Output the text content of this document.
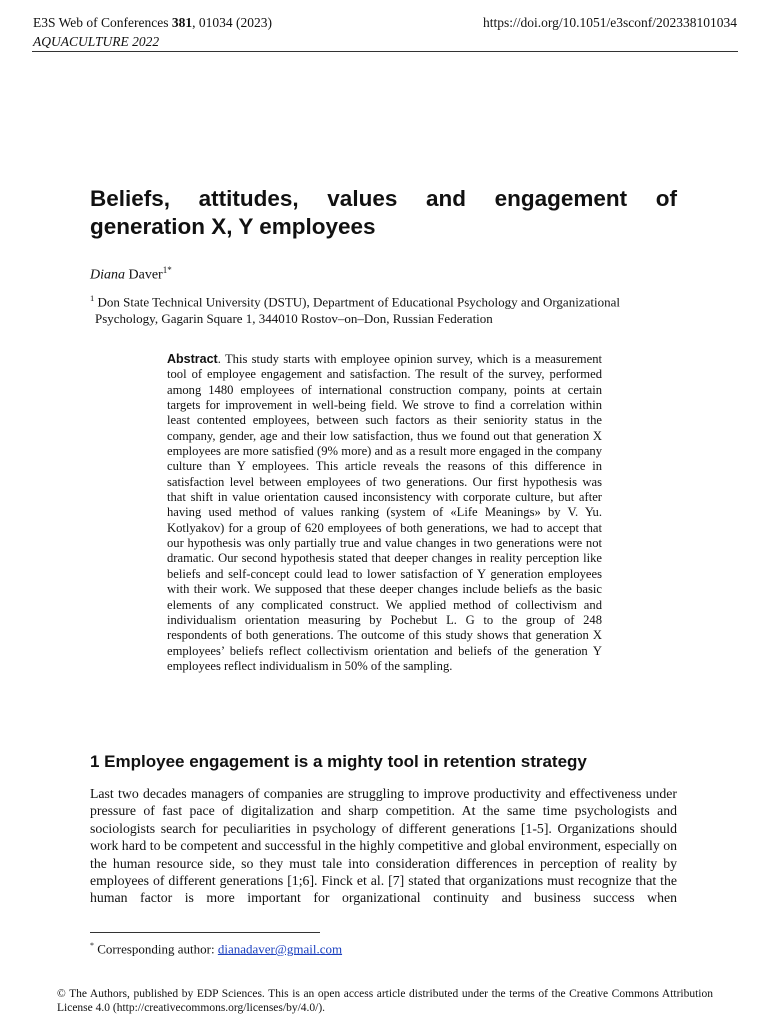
E3S Web of Conferences 381, 01034 (2023)
AQUACULTURE 2022
https://doi.org/10.1051/e3sconf/202338101034
Beliefs, attitudes, values and engagement of generation X, Y employees
Diana Daver$^{1*}$
$^1$ Don State Technical University (DSTU), Department of Educational Psychology and Organizational
Psychology, Gagarin Square 1, 344010 Rostov–on–Don, Russian Federation

Abstract. This study starts with employee opinion survey, which is a measurement tool of employee engagement and satisfaction. The result of the survey, performed among 1480 employees of international construction company, points at certain targets for improvement in well-being field. We strove to find a correlation within least contented employees, between such factors as their seniority status in the company, gender, age and their low satisfaction, thus we found out that generation X employees are more satisfied (9% more) and as a result more engaged in the company culture than Y employees. This article reveals the reasons of this difference in satisfaction level between employees of two generations. Our first hypothesis was that shift in value orientation caused inconsistency with corporate culture, but after having used method of values ranking (system of «Life Meanings» by V. Yu. Kotlyakov) for a group of 620 employees of both generations, we had to accept that our hypothesis was only partially true and value changes in two generations were not dramatic. Our second hypothesis stated that deeper changes in reality perception like beliefs and self-concept could lead to lower satisfaction of Y generation employees with their work. We supposed that these deeper changes include beliefs as the basic elements of any complicated construct. We applied method of collectivism and individualism orientation measuring by Pochebut L. G to the group of 248 respondents of both generations. The outcome of this study shows that generation X employees’ beliefs reflect collectivism orientation and beliefs of the generation Y employees reflect individualism in 50% of the sampling.

1 Employee engagement is a mighty tool in retention strategy

Last two decades managers of companies are struggling to improve productivity and effectiveness under pressure of fast pace of digitalization and sharp competition. At the same time psychologists and sociologists search for peculiarities in psychology of different generations [1-5]. Organizations should work hard to be competent and successful in the highly competitive and global environment, especially on the human resource side, so they must tale into consideration differences in perception of reality by employees of different generations [1;6]. Finck et al. [7] stated that organizations must recognize that the human factor is more important for organizational continuity and business success when

* Corresponding author: dianadaver@gmail.com

© The Authors, published by EDP Sciences. This is an open access article distributed under the terms of the Creative Commons Attribution License 4.0 (http://creativecommons.org/licenses/by/4.0/).
